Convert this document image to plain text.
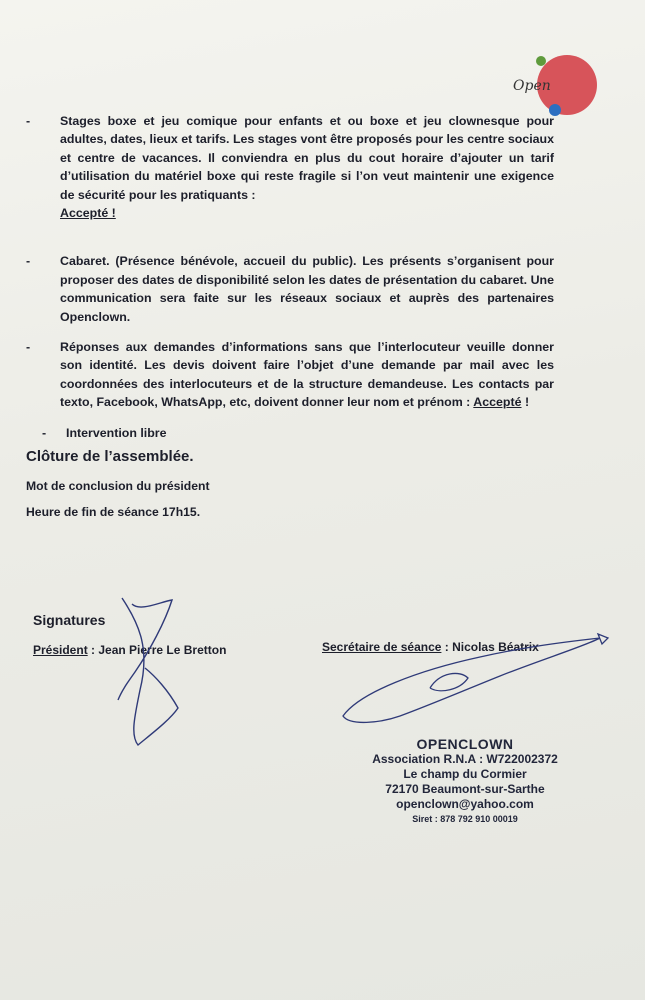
Open
- Stages boxe et jeu comique pour enfants et ou boxe et jeu clownesque pour adultes, dates, lieux et tarifs. Les stages vont être proposés pour les centre sociaux et centre de vacances. Il conviendra en plus du cout horaire d’ajouter un tarif d’utilisation du matériel boxe qui reste fragile si l’on veut maintenir une exigence de sécurité pour les pratiquants :
Accepté !

- Cabaret. (Présence bénévole, accueil du public). Les présents s’organisent pour proposer des dates de disponibilité selon les dates de présentation du cabaret. Une communication sera faite sur les réseaux sociaux et auprès des partenaires Openclown.

- Réponses aux demandes d’informations sans que l’interlocuteur veuille donner son identité. Les devis doivent faire l’objet d’une demande par mail avec les coordonnées des interlocuteurs et de la structure demandeuse. Les contacts par texto, Facebook, WhatsApp, etc, doivent donner leur nom et prénom : Accepté !

- Intervention libre

Clôture de l’assemblée.

Mot de conclusion du président

Heure de fin de séance 17h15.

Signatures
Président : Jean Pierre Le Bretton	Secrétaire de séance : Nicolas Béatrix
OPENCLOWN
Association R.N.A : W722002372
Le champ du Cormier
72170 Beaumont-sur-Sarthe
openclown@yahoo.com
Siret : 878 792 910 00019
